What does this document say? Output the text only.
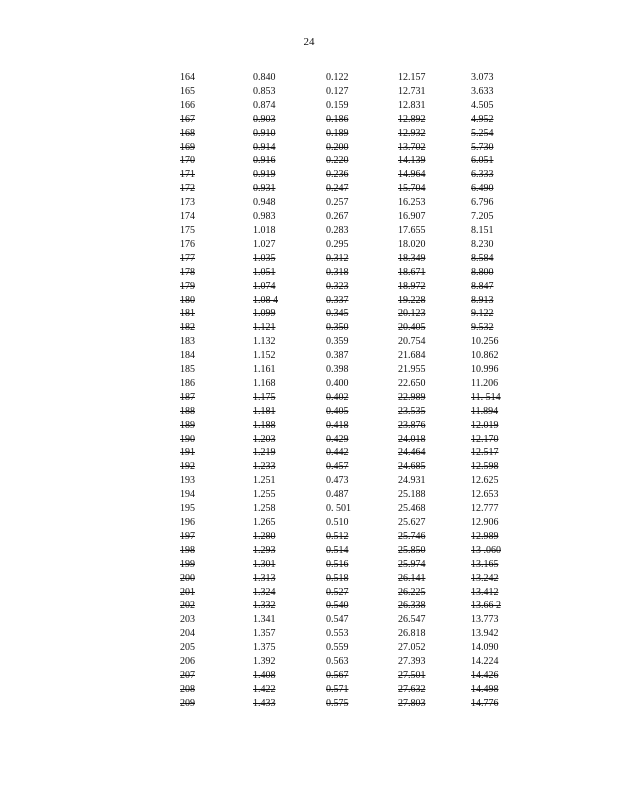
24
164	0.840	0.122	12.157	3.073
165	0.853	0.127	12.731	3.633
166	0.874	0.159	12.831	4.505
167	0.903	0.186	12.892	4.952
168	0.910	0.189	12.932	5.254
169	0.914	0.200	13.702	5.730
170	0.916	0.220	14.139	6.051
171	0.919	0.236	14.964	6.333
172	0.931	0.247	15.704	6.490
173	0.948	0.257	16.253	6.796
174	0.983	0.267	16.907	7.205
175	1.018	0.283	17.655	8.151
176	1.027	0.295	18.020	8.230
177	1.035	0.312	18.349	8.584
178	1.051	0.318	18.671	8.800
179	1.074	0.323	18.972	8.847
180	1.08 4	0.337	19.228	8.913
181	1.099	0.345	20.123	9.122
182	1.121	0.350	20.405	9.532
183	1.132	0.359	20.754	10.256
184	1.152	0.387	21.684	10.862
185	1.161	0.398	21.955	10.996
186	1.168	0.400	22.650	11.206
187	1.175	0.402	22.989	11. 514
188	1.181	0.405	23.535	11.894
189	1.188	0.418	23.876	12.019
190	1.203	0.429	24.018	12.170
191	1.219	0.442	24.464	12.517
192	1.233	0.457	24.685	12.598
193	1.251	0.473	24.931	12.625
194	1.255	0.487	25.188	12.653
195	1.258	0. 501	25.468	12.777
196	1.265	0.510	25.627	12.906
197	1.280	0.512	25.746	12.989
198	1.293	0.514	25.850	13 .060
199	1.301	0.516	25.974	13.165
200	1.313	0.518	26.141	13.242
201	1.324	0.527	26.225	13.412
202	1.332	0.540	26.338	13.66 2
203	1.341	0.547	26.547	13.773
204	1.357	0.553	26.818	13.942
205	1.375	0.559	27.052	14.090
206	1.392	0.563	27.393	14.224
207	1.408	0.567	27.501	14.426
208	1.422	0.571	27.632	14.498
209	1.433	0.575	27.803	14.776
